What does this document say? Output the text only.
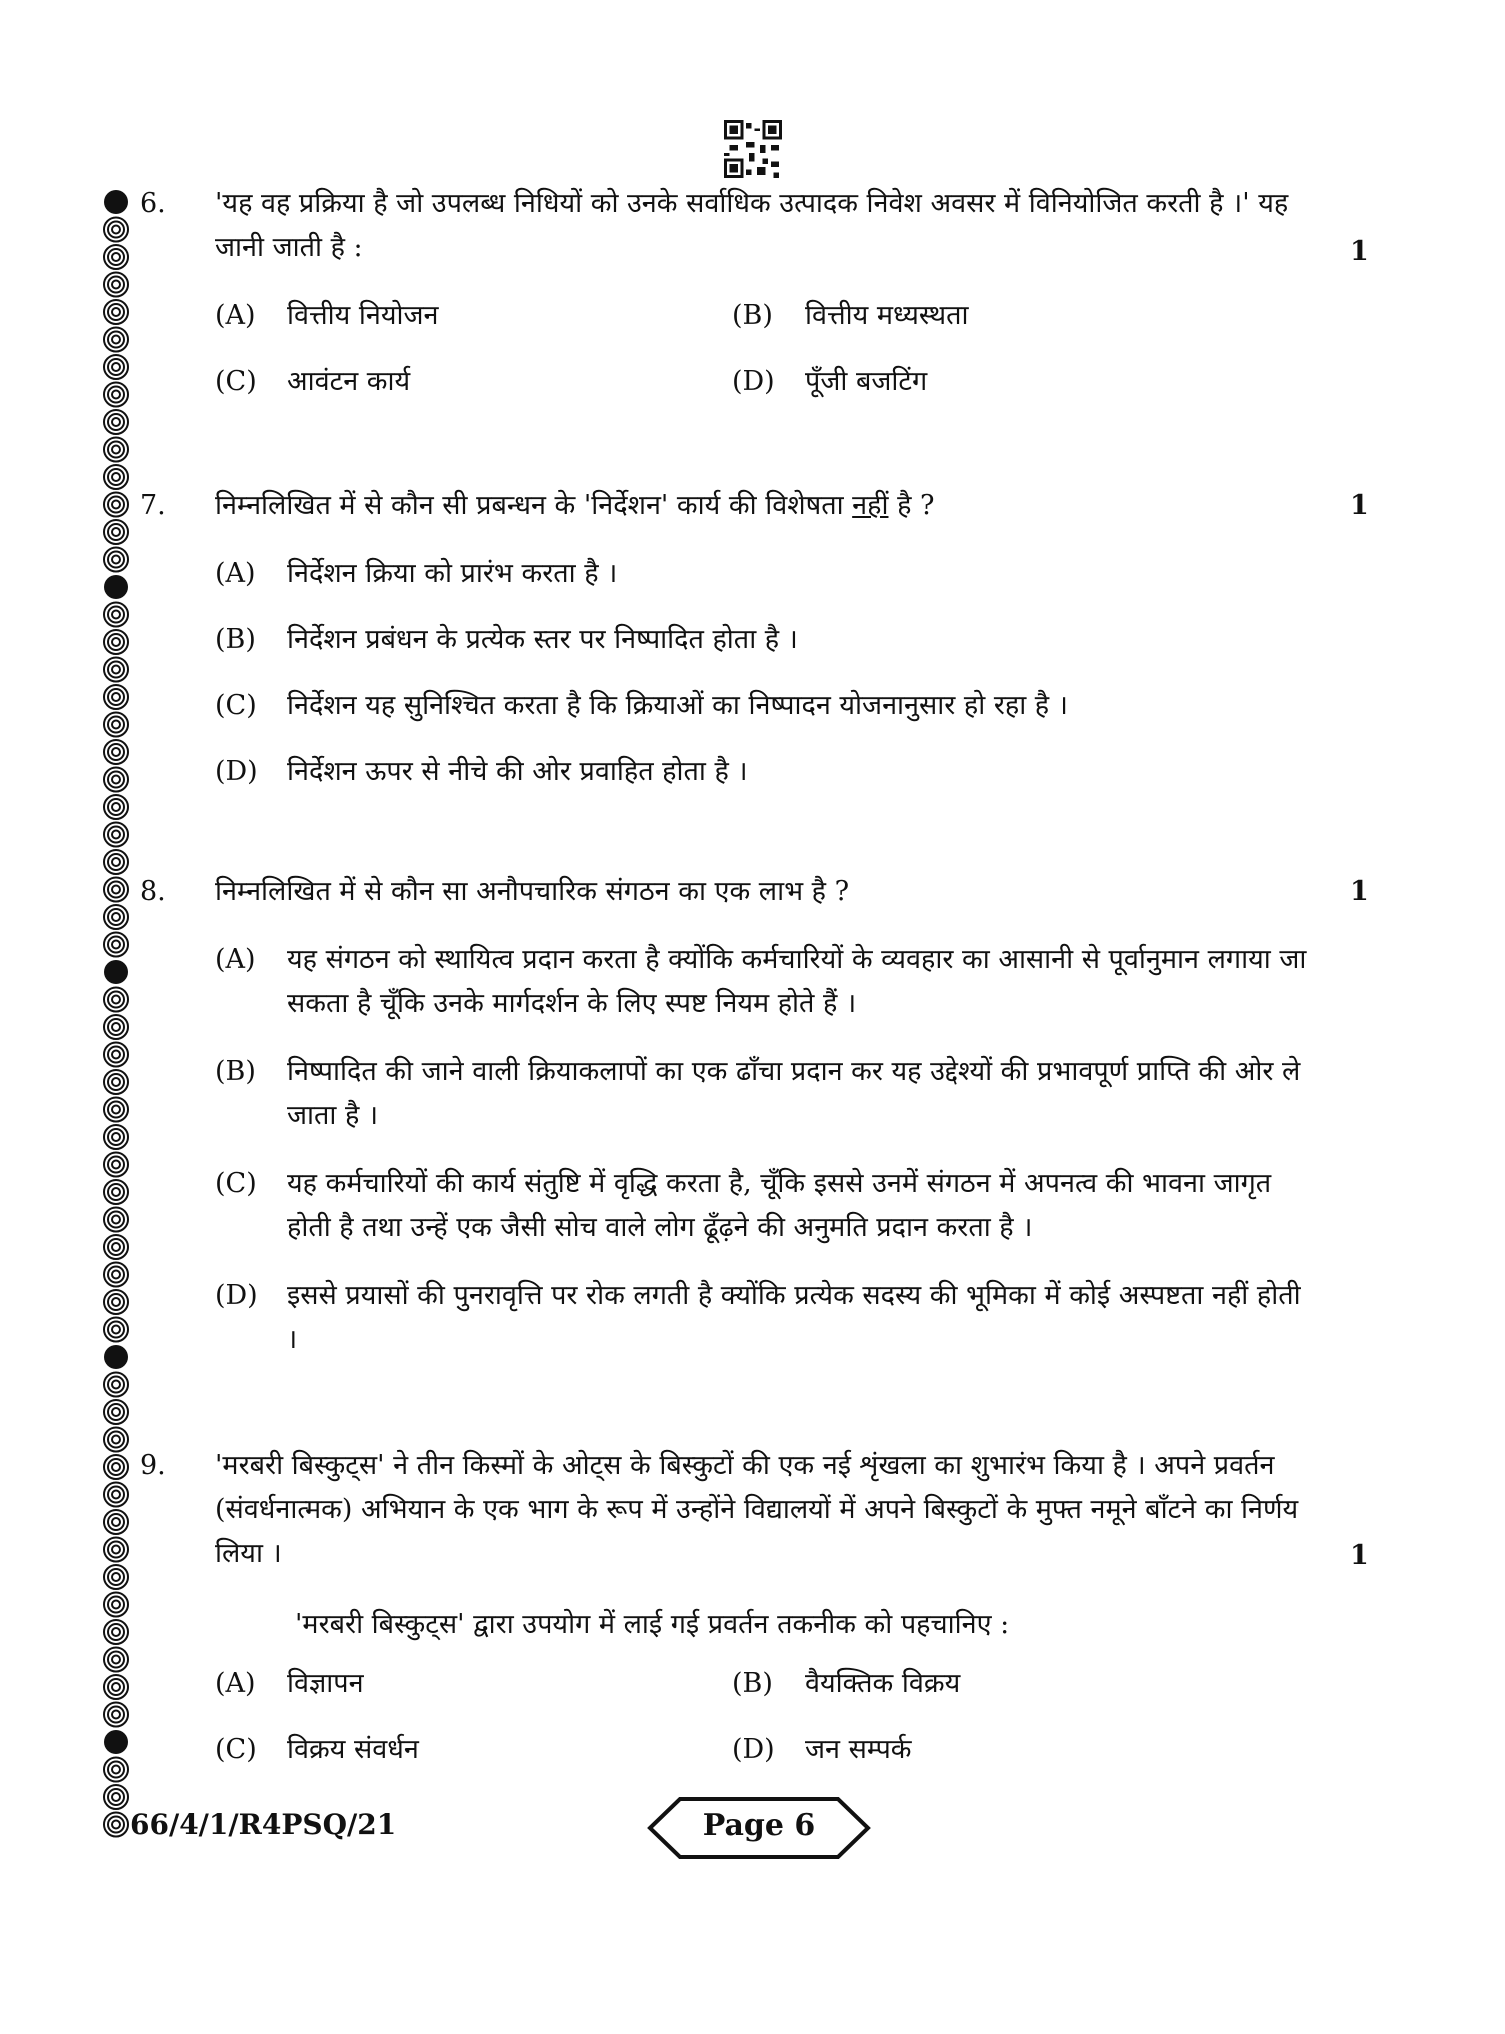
6. 'यह वह प्रक्रिया है जो उपलब्ध निधियों को उनके सर्वाधिक उत्पादक निवेश अवसर में विनियोजित करती है ।' यह जानी जाती है :	1
(A) वित्तीय नियोजन	(B) वित्तीय मध्यस्थता
(C) आवंटन कार्य	(D) पूँजी बजटिंग
7. निम्नलिखित में से कौन सी प्रबन्धन के 'निर्देशन' कार्य की विशेषता नहीं है ?	1
(A) निर्देशन क्रिया को प्रारंभ करता है ।
(B) निर्देशन प्रबंधन के प्रत्येक स्तर पर निष्पादित होता है ।
(C) निर्देशन यह सुनिश्चित करता है कि क्रियाओं का निष्पादन योजनानुसार हो रहा है ।
(D) निर्देशन ऊपर से नीचे की ओर प्रवाहित होता है ।
8. निम्नलिखित में से कौन सा अनौपचारिक संगठन का एक लाभ है ?	1
(A) यह संगठन को स्थायित्व प्रदान करता है क्योंकि कर्मचारियों के व्यवहार का आसानी से पूर्वानुमान लगाया जा सकता है चूँकि उनके मार्गदर्शन के लिए स्पष्ट नियम होते हैं ।
(B) निष्पादित की जाने वाली क्रियाकलापों का एक ढाँचा प्रदान कर यह उद्देश्यों की प्रभावपूर्ण प्राप्ति की ओर ले जाता है ।
(C) यह कर्मचारियों की कार्य संतुष्टि में वृद्धि करता है, चूँकि इससे उनमें संगठन में अपनत्व की भावना जागृत होती है तथा उन्हें एक जैसी सोच वाले लोग ढूँढ़ने की अनुमति प्रदान करता है ।
(D) इससे प्रयासों की पुनरावृत्ति पर रोक लगती है क्योंकि प्रत्येक सदस्य की भूमिका में कोई अस्पष्टता नहीं होती ।
9. 'मरबरी बिस्कुट्स' ने तीन किस्मों के ओट्स के बिस्कुटों की एक नई शृंखला का शुभारंभ किया है । अपने प्रवर्तन (संवर्धनात्मक) अभियान के एक भाग के रूप में उन्होंने विद्यालयों में अपने बिस्कुटों के मुफ्त नमूने बाँटने का निर्णय लिया ।	1
'मरबरी बिस्कुट्स' द्वारा उपयोग में लाई गई प्रवर्तन तकनीक को पहचानिए :
(A) विज्ञापन	(B) वैयक्तिक विक्रय
(C) विक्रय संवर्धन	(D) जन सम्पर्क
66/4/1/R4PSQ/21	Page 6
